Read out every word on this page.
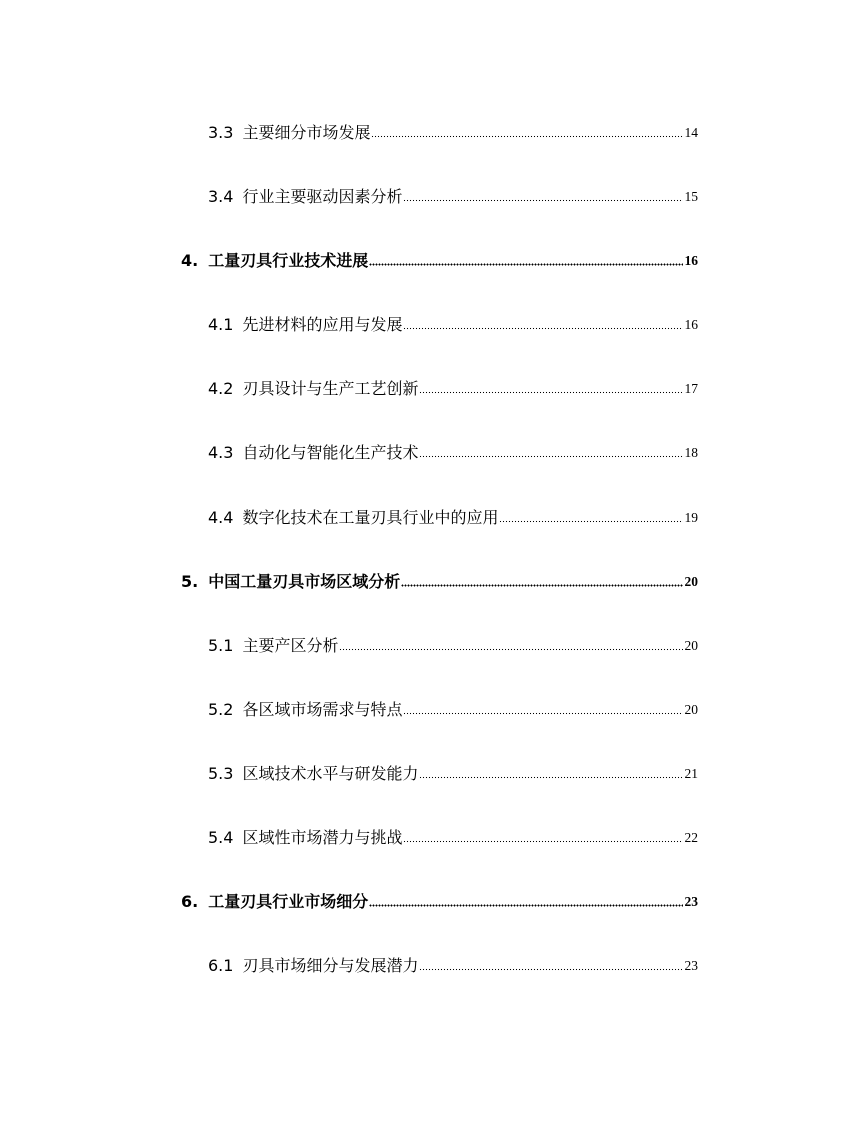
3.3 主要细分市场发展	14
3.4 行业主要驱动因素分析	15
4. 工量刃具行业技术进展	16
4.1 先进材料的应用与发展	16
4.2 刃具设计与生产工艺创新	17
4.3 自动化与智能化生产技术	18
4.4 数字化技术在工量刃具行业中的应用	19
5. 中国工量刃具市场区域分析	20
5.1 主要产区分析	20
5.2 各区域市场需求与特点	20
5.3 区域技术水平与研发能力	21
5.4 区域性市场潜力与挑战	22
6. 工量刃具行业市场细分	23
6.1 刃具市场细分与发展潜力	23
